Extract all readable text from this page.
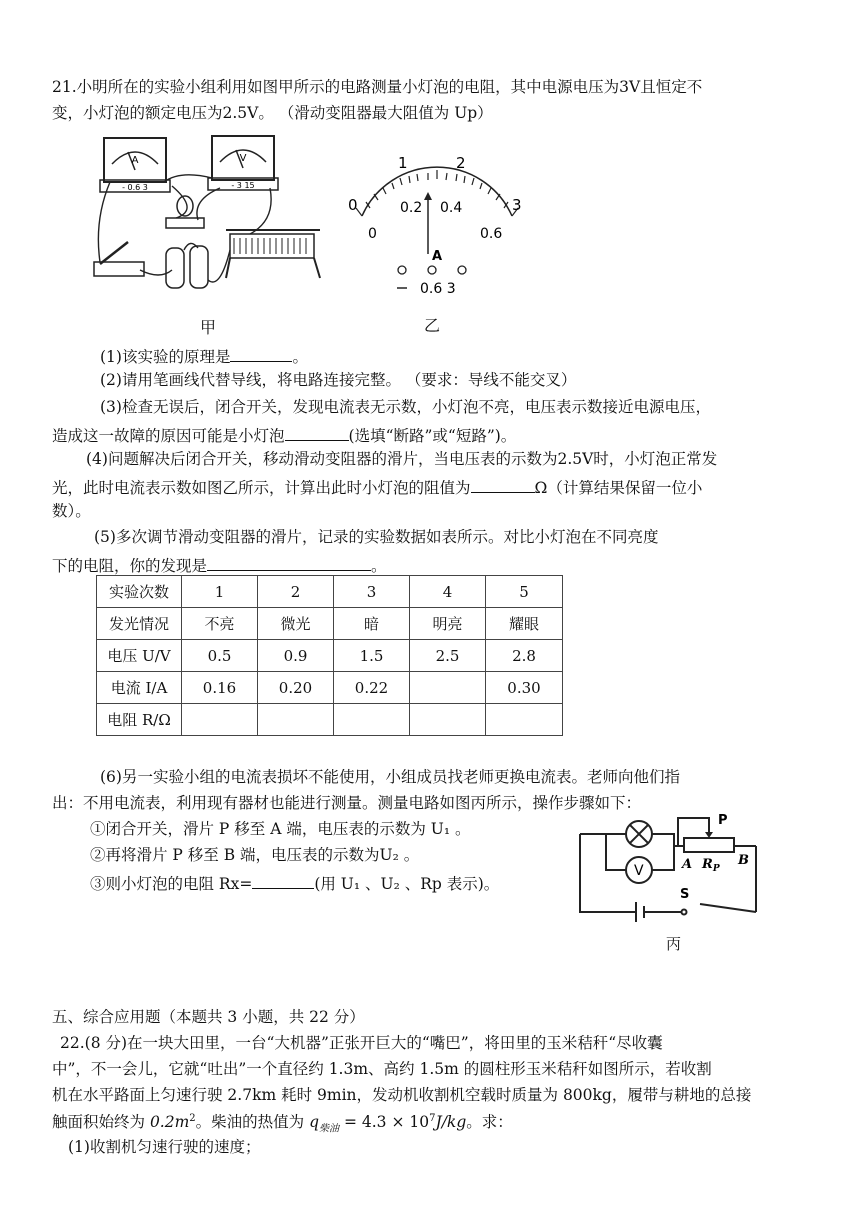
21.小明所在的实验小组利用如图甲所示的电路测量小灯泡的电阻，其中电源电压为3V且恒定不
变，小灯泡的额定电压为2.5V。 （滑动变阻器最大阻值为 Up）
A
- 0.6 3
V
- 3 15
甲
0
1	2
3
0
0.2 0.4
0.6
A
0.6 3
乙
(1)该实验的原理是	。
(2)请用笔画线代替导线，将电路连接完整。 （要求：导线不能交叉）
(3)检查无误后，闭合开关，发现电流表无示数，小灯泡不亮，电压表示数接近电源电压，
造成这一故障的原因可能是小灯泡	(选填“断路”或“短路”)。
(4)问题解决后闭合开关，移动滑动变阻器的滑片，当电压表的示数为2.5V时，小灯泡正常发
光，此时电流表示数如图乙所示，计算出此时小灯泡的阻值为	Ω（计算结果保留一位小
数）。
(5)多次调节滑动变阻器的滑片，记录的实验数据如表所示。对比小灯泡在不同亮度
下的电阻，你的发现是	。
实验次数	1	2	3	4	5
发光情况	不亮	微光	暗	明亮	耀眼
电压 U/V	0.5	0.9	1.5	2.5	2.8
电流 I/A	0.16	0.20	0.22		0.30
电阻 R/Ω					
(6)另一实验小组的电流表损坏不能使用，小组成员找老师更换电流表。老师向他们指
出：不用电流表，利用现有器材也能进行测量。测量电路如图丙所示，操作步骤如下：
①闭合开关，滑片 P 移至 A 端，电压表的示数为 U₁ 。
②再将滑片 P 移至 B 端，电压表的示数为U₂ 。
③则小灯泡的电阻 Rx=	(用 U₁ 、U₂ 、Rp 表示)。
V
P
A	B
$R_P$
S
丙
五、综合应用题（本题共 3 小题，共 22 分）
22.(8 分)在一块大田里，一台“大机器”正张开巨大的“嘴巴”，将田里的玉米秸秆“尽收囊
中”，不一会儿，它就“吐出”一个直径约 1.3m、高约 1.5m 的圆柱形玉米秸秆如图所示，若收割
机在水平路面上匀速行驶 2.7km 耗时 9min，发动机收割机空载时质量为 800kg，履带与耕地的总接
触面积始终为 $0.2m^2$。柴油的热值为 $q_{柴油} = 4.3 \times 10^7J/kg$。求：
(1)收割机匀速行驶的速度；
